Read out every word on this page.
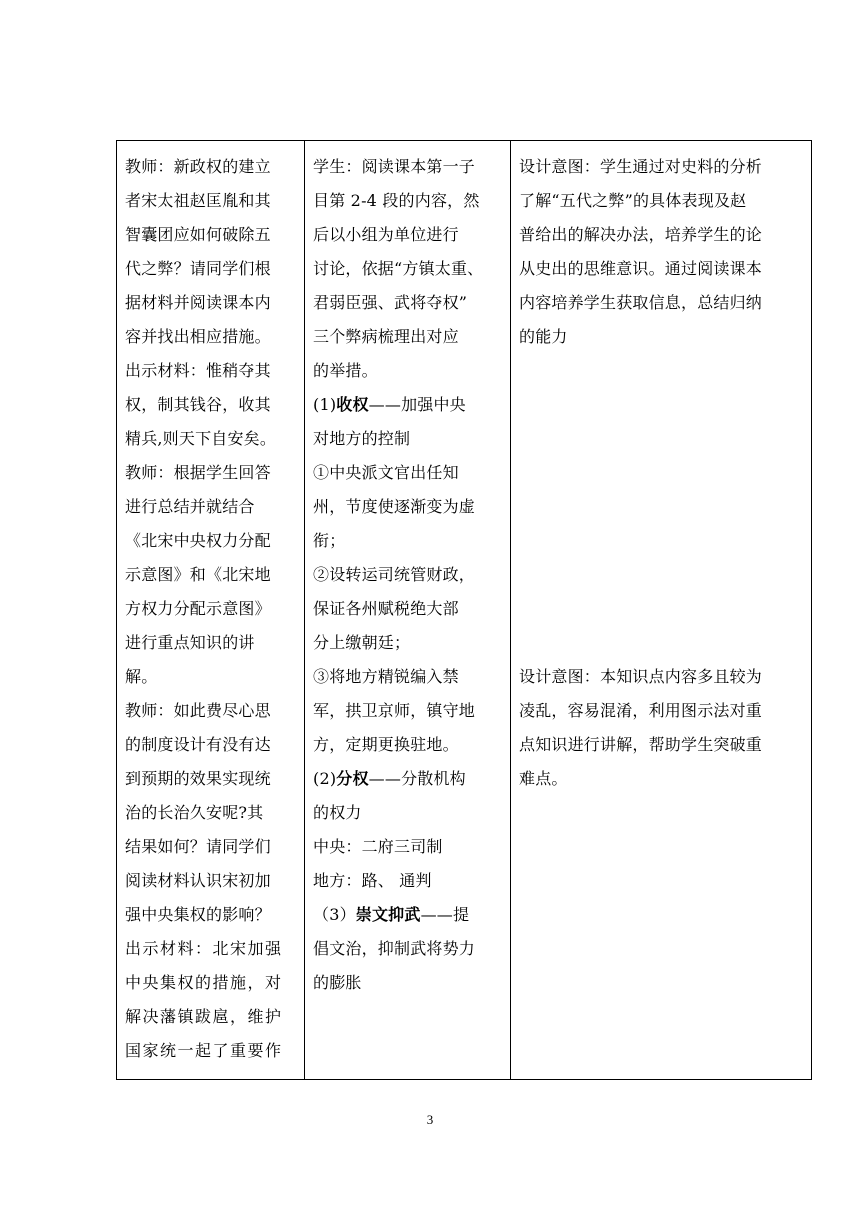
教师：新政权的建立
者宋太祖赵匡胤和其
智囊团应如何破除五
代之弊？请同学们根
据材料并阅读课本内
容并找出相应措施。
出示材料：惟稍夺其
权，制其钱谷，收其
精兵,则天下自安矣。
教师：根据学生回答
进行总结并就结合
《北宋中央权力分配
示意图》和《北宋地
方权力分配示意图》
进行重点知识的讲
解。
教师：如此费尽心思
的制度设计有没有达
到预期的效果实现统
治的长治久安呢?其
结果如何？请同学们
阅读材料认识宋初加
强中央集权的影响？
出示材料：北宋加强
中央集权的措施，对
解决藩镇跋扈，维护
国家统一起了重要作

学生：阅读课本第一子
目第 2-4 段的内容，然
后以小组为单位进行
讨论，依据“方镇太重、
君弱臣强、武将夺权”
三个弊病梳理出对应
的举措。
(1)收权——加强中央
对地方的控制
①中央派文官出任知
州，节度使逐渐变为虚
衔；
②设转运司统管财政，
保证各州赋税绝大部
分上缴朝廷；
③将地方精锐编入禁
军，拱卫京师，镇守地
方，定期更换驻地。
(2)分权——分散机构
的权力
中央：二府三司制
地方：路、 通判
（3）崇文抑武——提
倡文治，抑制武将势力
的膨胀

设计意图：学生通过对史料的分析
了解“五代之弊”的具体表现及赵
普给出的解决办法，培养学生的论
从史出的思维意识。通过阅读课本
内容培养学生获取信息，总结归纳
的能力
设计意图：本知识点内容多且较为
凌乱，容易混淆，利用图示法对重
点知识进行讲解，帮助学生突破重
难点。
3
